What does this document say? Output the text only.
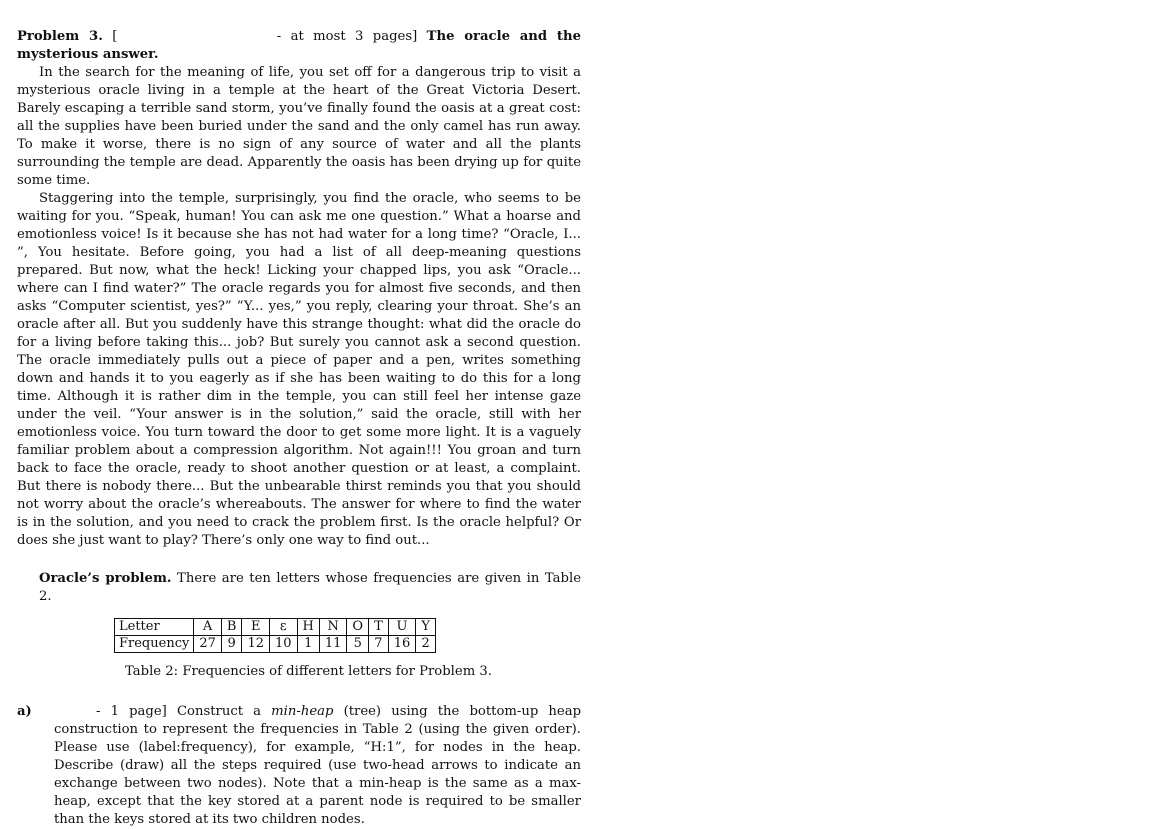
Problem 3. [	- at most 3 pages] The oracle and the mysterious answer.

In the search for the meaning of life, you set off for a dangerous trip to visit a mysterious oracle living in a temple at the heart of the Great Victoria Desert. Barely escaping a terrible sand storm, you’ve finally found the oasis at a great cost: all the supplies have been buried under the sand and the only camel has run away. To make it worse, there is no sign of any source of water and all the plants surrounding the temple are dead. Apparently the oasis has been drying up for quite some time.

Staggering into the temple, surprisingly, you find the oracle, who seems to be waiting for you. “Speak, human! You can ask me one question.” What a hoarse and emotionless voice! Is it because she has not had water for a long time? “Oracle, I... ”, You hesitate. Before going, you had a list of all deep-meaning questions prepared. But now, what the heck! Licking your chapped lips, you ask “Oracle... where can I find water?” The oracle regards you for almost five seconds, and then asks “Computer scientist, yes?” “Y... yes,” you reply, clearing your throat. She’s an oracle after all. But you suddenly have this strange thought: what did the oracle do for a living before taking this... job? But surely you cannot ask a second question. The oracle immediately pulls out a piece of paper and a pen, writes something down and hands it to you eagerly as if she has been waiting to do this for a long time. Although it is rather dim in the temple, you can still feel her intense gaze under the veil. “Your answer is in the solution,” said the oracle, still with her emotionless voice. You turn toward the door to get some more light. It is a vaguely familiar problem about a compression algorithm. Not again!!! You groan and turn back to face the oracle, ready to shoot another question or at least, a complaint. But there is nobody there... But the unbearable thirst reminds you that you should not worry about the oracle’s whereabouts. The answer for where to find the water is in the solution, and you need to crack the problem first. Is the oracle helpful? Or does she just want to play? There’s only one way to find out...

Oracle’s problem. There are ten letters whose frequencies are given in Table 2.

Letter	A	B	E	ε	H	N	O	T	U	Y
Frequency	27	9	12	10	1	11	5	7	16	2

Table 2: Frequencies of different letters for Problem 3.

a)	- 1 page] Construct a min-heap (tree) using the bottom-up heap construction to represent the frequencies in Table 2 (using the given order). Please use (label:frequency), for example, “H:1”, for nodes in the heap. Describe (draw) all the steps required (use two-head arrows to indicate an exchange between two nodes). Note that a min-heap is the same as a max-heap, except that the key stored at a parent node is required to be smaller than the keys stored at its two children nodes.
